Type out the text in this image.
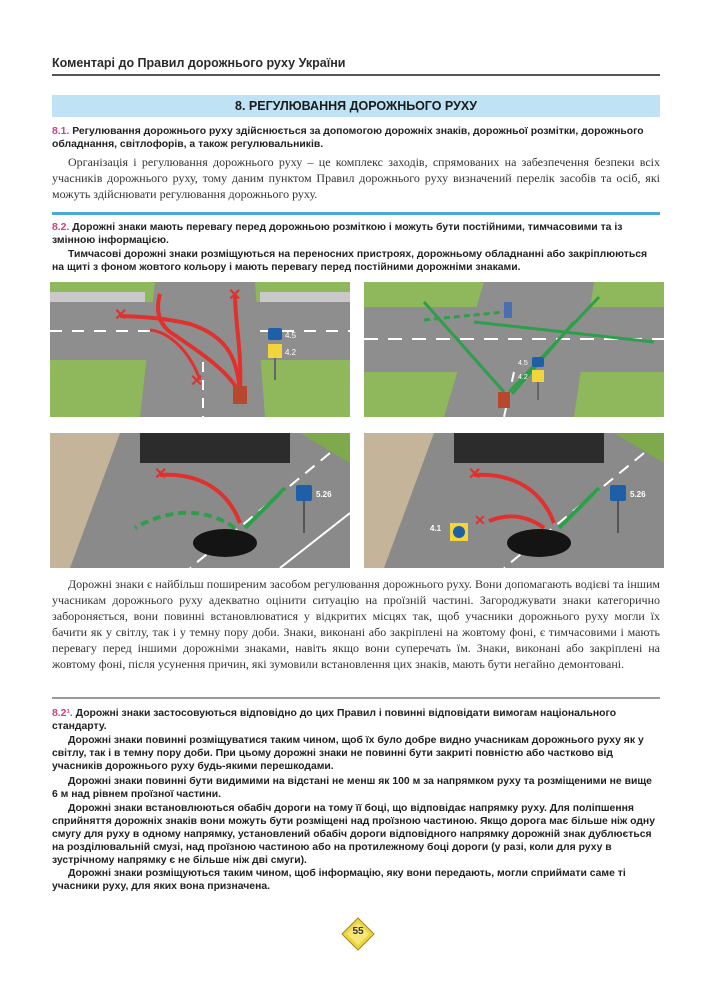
Коментарі до Правил дорожнього руху України
8. РЕГУЛЮВАННЯ ДОРОЖНЬОГО РУХУ
8.1. Регулювання дорожнього руху здійснюється за допомогою дорожніх знаків, дорожньої розмітки, дорожнього обладнання, світлофорів, а також регулювальників.
Організація і регулювання дорожнього руху – це комплекс заходів, спрямованих на забезпечення безпеки всіх учасників дорожнього руху, тому даним пунктом Правил дорожнього руху визначений перелік засобів та осіб, які можуть здійснювати регулювання дорожнього руху.
8.2. Дорожні знаки мають перевагу перед дорожньою розміткою і можуть бути постійними, тимчасовими та із змінною інформацією.
Тимчасові дорожні знаки розміщуються на переносних пристроях, дорожньому обладнанні або закріплюються на щиті з фоном жовтого кольору і мають перевагу перед постійними дорожніми знаками.
✕
✕
✕
4.5
4.2
4.5
4.2
✕
5.26
✕
✕
5.26
4.1
Дорожні знаки є найбільш поширеним засобом регулювання дорожнього руху. Вони допомагають водієві та іншим учасникам дорожнього руху адекватно оцінити ситуацію на проїзній частині. Загороджувати знаки категорично забороняється, вони повинні встановлюватися у відкритих місцях так, щоб учасники дорожнього руху могли їх бачити як у світлу, так і у темну пору доби. Знаки, виконані або закріплені на жовтому фоні, є тимчасовими і мають перевагу перед іншими дорожніми знаками, навіть якщо вони суперечать їм. Знаки, виконані або закріплені на жовтому фоні, після усунення причин, які зумовили встановлення цих знаків, мають бути негайно демонтовані.
8.2¹. Дорожні знаки застосовуються відповідно до цих Правил і повинні відповідати вимогам національного стандарту.
Дорожні знаки повинні розміщуватися таким чином, щоб їх було добре видно учасникам дорожнього руху як у світлу, так і в темну пору доби. При цьому дорожні знаки не повинні бути закриті повністю або частково від учасників дорожнього руху будь-якими перешкодами.
Дорожні знаки повинні бути видимими на відстані не менш як 100 м за напрямком руху та розміщеними не вище 6 м над рівнем проїзної частини.
Дорожні знаки встановлюються обабіч дороги на тому її боці, що відповідає напрямку руху. Для поліпшення сприйняття дорожніх знаків вони можуть бути розміщені над проїзною частиною. Якщо дорога має більше ніж одну смугу для руху в одному напрямку, установлений обабіч дороги відповідного напрямку дорожній знак дублюється на розділювальній смузі, над проїзною частиною або на протилежному боці дороги (у разі, коли для руху в зустрічному напрямку є не більше ніж дві смуги).
Дорожні знаки розміщуються таким чином, щоб інформацію, яку вони передають, могли сприймати саме ті учасники руху, для яких вона призначена.
55
